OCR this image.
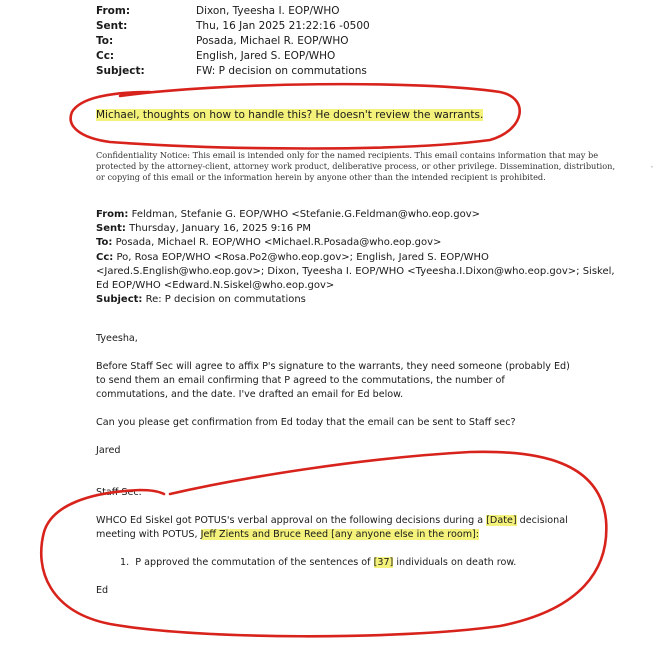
From:	Dixon, Tyeesha I. EOP/WHO
Sent:	Thu, 16 Jan 2025 21:22:16 -0500
To:	Posada, Michael R. EOP/WHO
Cc:	English, Jared S. EOP/WHO
Subject:	FW: P decision on commutations
Michael, thoughts on how to handle this? He doesn't review the warrants.
Confidentiality Notice: This email is intended only for the named recipients. This email contains information that may be protected by the attorney-client, attorney work product, deliberative process, or other privilege. Dissemination, distribution, or copying of this email or the information herein by anyone other than the intended recipient is prohibited.
From: Feldman, Stefanie G. EOP/WHO <Stefanie.G.Feldman@who.eop.gov>
Sent: Thursday, January 16, 2025 9:16 PM
To: Posada, Michael R. EOP/WHO <Michael.R.Posada@who.eop.gov>
Cc: Po, Rosa EOP/WHO <Rosa.Po2@who.eop.gov>; English, Jared S. EOP/WHO <Jared.S.English@who.eop.gov>; Dixon, Tyeesha I. EOP/WHO <Tyeesha.I.Dixon@who.eop.gov>; Siskel, Ed EOP/WHO <Edward.N.Siskel@who.eop.gov>
Subject: Re: P decision on commutations
Tyeesha,
Before Staff Sec will agree to affix P's signature to the warrants, they need someone (probably Ed) to send them an email confirming that P agreed to the commutations, the number of commutations, and the date. I've drafted an email for Ed below.
Can you please get confirmation from Ed today that the email can be sent to Staff sec?
Jared
Staff Sec.
WHCO Ed Siskel got POTUS's verbal approval on the following decisions during a [Date] decisional meeting with POTUS, Jeff Zients and Bruce Reed [any anyone else in the room]:
1. P approved the commutation of the sentences of [37] individuals on death row.
Ed
·
